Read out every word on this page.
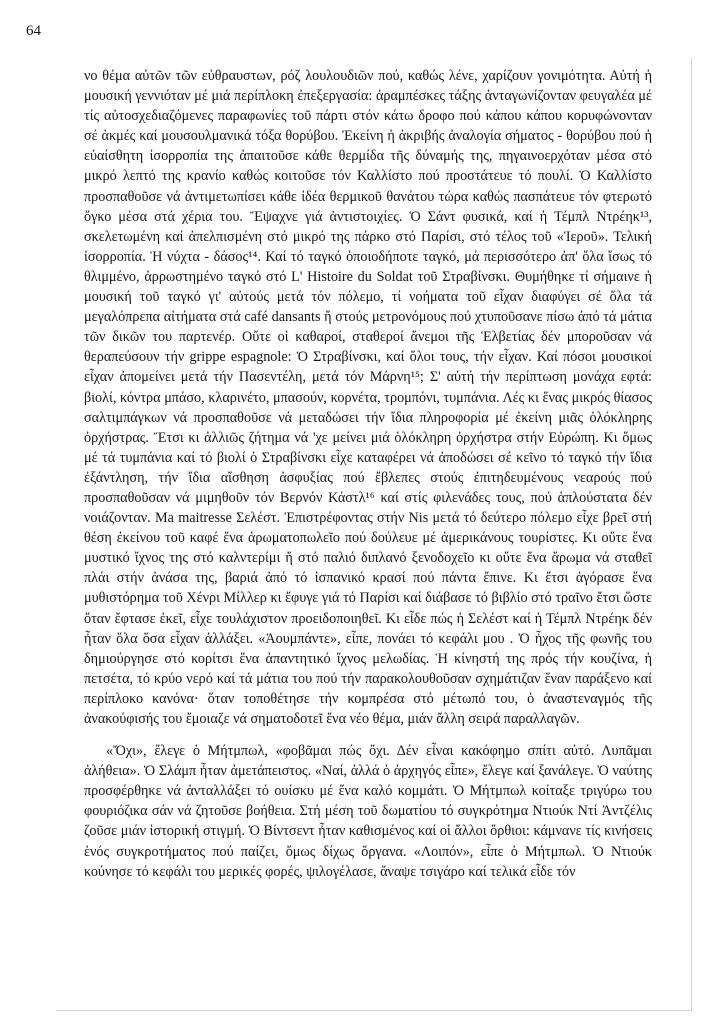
64

νο θέμα αὐτῶν τῶν εὐθραυστων, ρόζ λουλουδιῶν πού, καθώς λένε, χαρίζουν γονιμότητα. Αὐτή ἡ μουσική γεννιόταν μέ μιά περίπλοκη ἐπεξεργασία: ἀραμπέσκες τάξης ἀνταγωνίζονταν φευγαλέα μέ τίς αὐτοσχεδιαζόμενες παραφωνίες τοῦ πάρτι στόν κάτω δροφο πού κάπου κάπου κορυφώνονταν σέ ἀκμές καί μουσουλμανικά τόξα θορύβου. Ἐκείνη ἡ ἀκριβής ἀναλογία σήματος - θορύβου πού ἡ εὐαίσθητη ἰσορροπία της ἀπαιτοῦσε κάθε θερμίδα τῆς δύναμής της, πηγαινοερχόταν μέσα στό μικρό λεπτό της κρανίο καθώς κοιτοῦσε τόν Καλλίστο πού προστάτευε τό πουλί. Ὁ Καλλίστο προσπαθοῦσε νά ἀντιμετωπίσει κάθε ἰδέα θερμικοῦ θανάτου τώρα καθώς πασπάτευε τόν φτερωτό ὄγκο μέσα στά χέρια του. Ἔψαχνε γιά ἀντιστοιχίες. Ὁ Σάντ φυσικά, καί ἡ Τέμπλ Ντρέηκ¹³, σκελετωμένη καί ἀπελπισμένη στό μικρό της πάρκο στό Παρίσι, στό τέλος τοῦ «Ἱεροῦ». Τελική ἰσορροπία. Ἡ νύχτα - δάσος¹⁴. Καί τό ταγκό ὁποιοδήποτε ταγκό, μά περισσότερο ἀπ' ὅλα ἴσως τό θλιμμένο, ἀρρωστημένο ταγκό στό L' Histoire du Soldat τοῦ Στραβίνσκι. Θυμήθηκε τί σήμαινε ἡ μουσική τοῦ ταγκό γι' αὐτούς μετά τόν πόλεμο, τί νοήματα τοῦ εἶχαν διαφύγει σέ ὅλα τά μεγαλόπρεπα αἰτήματα στά café dansants ἤ στούς μετρονόμους πού χτυποῦσανε πίσω ἀπό τά μάτια τῶν δικῶν του παρτενέρ. Οὔτε οἱ καθαροί, σταθεροί ἄνεμοι τῆς Ἑλβετίας δέν μποροῦσαν νά θεραπεύσουν τήν grippe espagnole: Ὁ Στραβίνσκι, καί ὅλοι τους, τήν εἶχαν. Καί πόσοι μουσικοί εἶχαν ἀπομείνει μετά τήν Πασεντέλη, μετά τόν Μάρνη¹⁵; Σ' αὐτή τήν περίπτωση μονάχα εφτά: βιολί, κόντρα μπάσο, κλαρινέτο, μπασούν, κορνέτα, τρομπόνι, τυμπάνια. Λές κι ἕνας μικρός θίασος σαλτιμπάγκων νά προσπαθοῦσε νά μεταδώσει τήν ἴδια πληροφορία μέ ἐκείνη μιᾶς ὁλόκληρης ὀρχήστρας. Ἔτσι κι ἀλλιῶς ζήτημα νά 'χε μείνει μιά ὁλόκληρη ὀρχήστρα στήν Εὐρώπη. Κι ὅμως μέ τά τυμπάνια καί τό βιολί ὁ Στραβίνσκι εἶχε καταφέρει νά ἀποδώσει σέ κεῖνο τό ταγκό τήν ἴδια ἐξάντληση, τήν ἴδια αἴσθηση ἀσφυξίας πού ἔβλεπες στούς ἐπιτηδευμένους νεαρούς πού προσπαθοῦσαν νά μιμηθοῦν τόν Βερνόν Κάστλ¹⁶ καί στίς φιλενάδες τους, πού ἁπλούστατα δέν νοιάζονταν. Ma maitresse Σελέστ. Ἐπιστρέφοντας στήν Nis μετά τό δεύτερο πόλεμο εἶχε βρεῖ στή θέση ἐκείνου τοῦ καφέ ἕνα ἀρωματοπωλεῖο πού δούλευε μέ ἀμερικάνους τουρίστες. Κι οὔτε ἕνα μυστικό ἴχνος της στό καλντερίμι ἤ στό παλιό διπλανό ξενοδοχεῖο κι οὔτε ἕνα ἄρωμα νά σταθεῖ πλάι στήν ἀνάσα της, βαριά ἀπό τό ἰσπανικό κρασί πού πάντα ἔπινε. Κι ἔτσι ἀγόρασε ἕνα μυθιστόρημα τοῦ Χένρι Μίλλερ κι ἔφυγε γιά τό Παρίσι καί διάβασε τό βιβλίο στό τραῖνο ἔτσι ὥστε ὅταν ἔφτασε ἐκεῖ, εἶχε τουλάχιστον προειδοποιηθεῖ. Κι εἶδε πώς ἡ Σελέστ καί ἡ Τέμπλ Ντρέηκ δέν ἦταν ὅλα ὅσα εἶχαν ἀλλάξει. «Ἀουμπάντε», εἶπε, πονάει τό κεφάλι μου . Ὁ ἦχος τῆς φωνῆς του δημιούργησε στό κορίτσι ἕνα ἀπαντητικό ἴχνος μελωδίας. Ἡ κίνηστή της πρός τήν κουζίνα, ἡ πετσέτα, τό κρύο νερό καί τά μάτια του πού τήν παρακολουθοῦσαν σχημάτιζαν ἕναν παράξενο καί περίπλοκο κανόνα· ὅταν τοποθέτησε τήν κομπρέσα στό μέτωπό του, ὁ ἀναστεναγμός τῆς ἀνακούφισής του ἔμοιαζε νά σηματοδοτεῖ ἕνα νέο θέμα, μιάν ἄλλη σειρά παραλλαγῶν.

«Ὄχι», ἔλεγε ὁ Μήτμπωλ, «φοβᾶμαι πώς ὄχι. Δέν εἶναι κακόφημο σπίτι αὐτό. Λυπᾶμαι ἀλήθεια». Ὁ Σλάμπ ἦταν ἀμετάπειστος. «Ναί, ἀλλά ὁ ἀρχηγός εἶπε», ἔλεγε καί ξανάλεγε. Ὁ ναύτης προσφέρθηκε νά ἀνταλλάξει τό ουίσκυ μέ ἕνα καλό κομμάτι. Ὁ Μήτμπωλ κοίταξε τριγύρω του φουριόζικα σάν νά ζητοῦσε βοήθεια. Στή μέση τοῦ δωματίου τό συγκρότημα Ντιούκ Ντί Ἀντζέλις ζοῦσε μιάν ἱστορική στιγμή. Ὁ Βίντσεντ ἦταν καθισμένος καί οἱ ἄλλοι ὄρθιοι: κάμνανε τίς κινήσεις ἑνός συγκροτήματος πού παίζει, ὅμως δίχως ὄργανα. «Λοιπόν», εἶπε ὁ Μήτμπωλ. Ὁ Ντιούκ κούνησε τό κεφάλι του μερικές φορές, ψιλογέλασε, ἄναψε τσιγάρο καί τελικά εἶδε τόν
